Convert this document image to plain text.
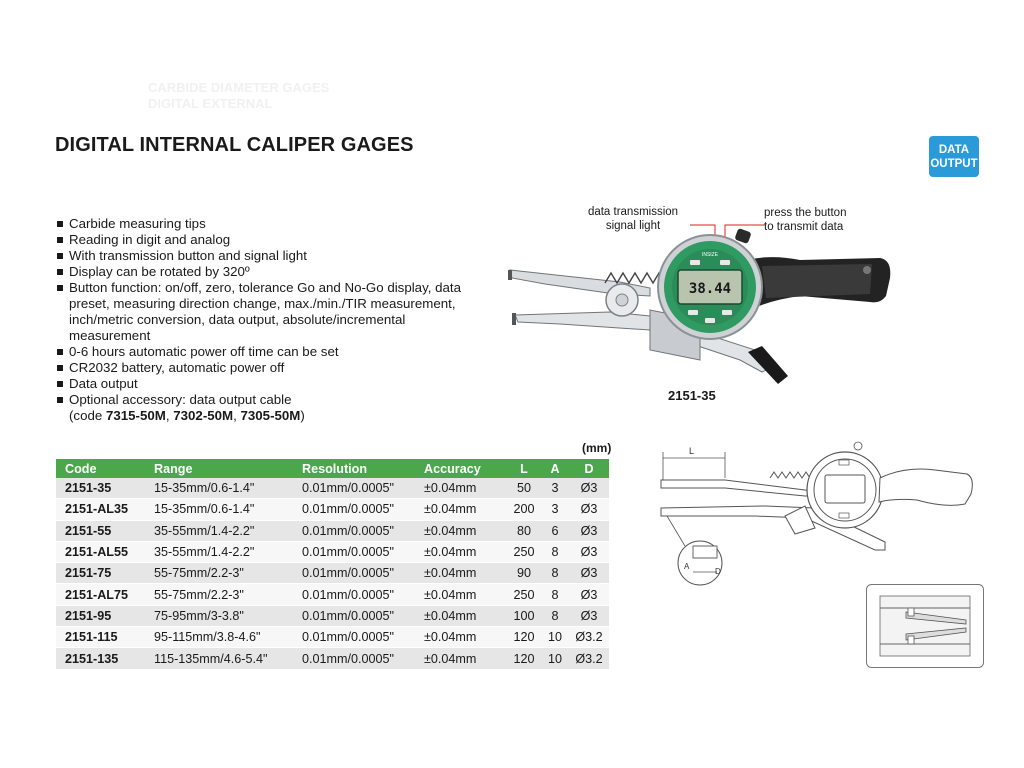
CARBIDE DIAMETER GAGES
DIGITAL EXTERNAL
DIGITAL INTERNAL CALIPER GAGES	DATA
OUTPUT
Carbide measuring tips
Reading in digit and analog
With transmission button and signal light
Display can be rotated by 320º
Button function: on/off, zero, tolerance Go and No-Go display, data preset, measuring direction change, max./min./TIR measurement, inch/metric conversion, data output, absolute/incremental measurement
0-6 hours automatic power off time can be set
CR2032 battery, automatic power off
Data output
Optional accessory: data output cable
(code 7315-50M, 7302-50M, 7305-50M)
data transmission
signal light
press the button
to transmit data
38.44
INSIZE
2151-35
L
A
D
(mm)
Code	Range	Resolution	Accuracy	L	A	D
2151-35	15-35mm/0.6-1.4"	0.01mm/0.0005"	±0.04mm	50	3	Ø3
2151-AL35	15-35mm/0.6-1.4"	0.01mm/0.0005"	±0.04mm	200	3	Ø3
2151-55	35-55mm/1.4-2.2"	0.01mm/0.0005"	±0.04mm	80	6	Ø3
2151-AL55	35-55mm/1.4-2.2"	0.01mm/0.0005"	±0.04mm	250	8	Ø3
2151-75	55-75mm/2.2-3"	0.01mm/0.0005"	±0.04mm	90	8	Ø3
2151-AL75	55-75mm/2.2-3"	0.01mm/0.0005"	±0.04mm	250	8	Ø3
2151-95	75-95mm/3-3.8"	0.01mm/0.0005"	±0.04mm	100	8	Ø3
2151-115	95-115mm/3.8-4.6"	0.01mm/0.0005"	±0.04mm	120	10	Ø3.2
2151-135	115-135mm/4.6-5.4"	0.01mm/0.0005"	±0.04mm	120	10	Ø3.2
